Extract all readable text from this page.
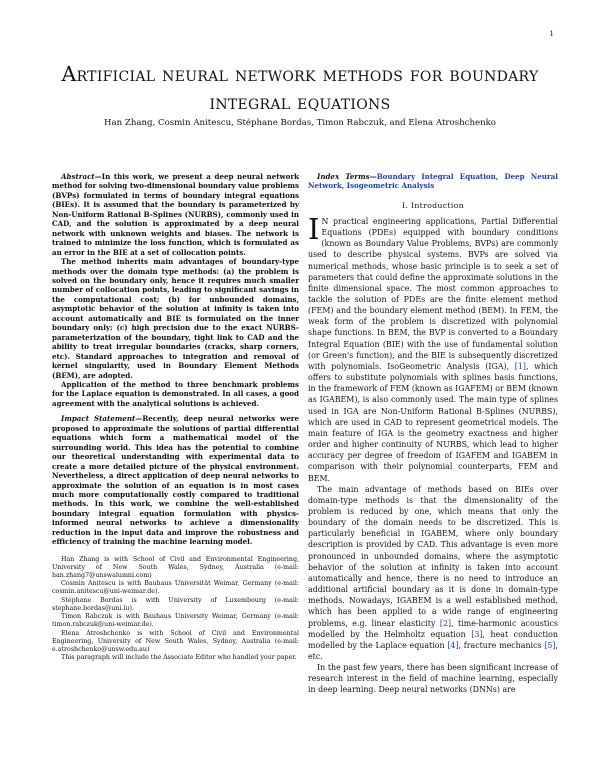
1
Artificial neural network methods for boundary integral equations
Han Zhang, Cosmin Anitescu, Stéphane Bordas, Timon Rabczuk, and Elena Atroshchenko

Abstract—In this work, we present a deep neural network method for solving two-dimensional boundary value problems (BVPs) formulated in terms of boundary integral equations (BIEs). It is assumed that the boundary is parameterized by Non-Uniform Rational B-Splines (NURBS), commonly used in CAD, and the solution is approximated by a deep neural network with unknown weights and biases. The network is trained to minimize the loss function, which is formulated as an error in the BIE at a set of collocation points.

The method inherits main advantages of boundary-type methods over the domain type methods: (a) the problem is solved on the boundary only, hence it requires much smaller number of collocation points, leading to significant savings in the computational cost; (b) for unbounded domains, asymptotic behavior of the solution at infinity is taken into account automatically and BIE is formulated on the inner boundary only; (c) high precision due to the exact NURBS-parameterization of the boundary, tight link to CAD and the ability to treat irregular boundaries (cracks, sharp corners, etc). Standard approaches to integration and removal of kernel singularity, used in Boundary Element Methods (BEM), are adopted.

Application of the method to three benchmark problems for the Laplace equation is demonstrated. In all cases, a good agreement with the analytical solutions is achieved.

Impact Statement—Recently, deep neural networks were proposed to approximate the solutions of partial differential equations which form a mathematical model of the surrounding world. This idea has the potential to combine our theoretical understanding with experimental data to create a more detailed picture of the physical environment. Nevertheless, a direct application of deep neural networks to approximate the solution of an equation is in most cases much more computationally costly compared to traditional methods. In this work, we combine the well-established boundary integral equation formulation with physics-informed neural networks to achieve a dimensionality reduction in the input data and improve the robustness and efficiency of training the machine learning model.

Han Zhang is with School of Civil and Environmental Engineering, University of New South Wales, Sydney, Australia (e-mail: han.zhang7@unswalumni.com)

Cosmin Anitescu is with Bauhaus Universität Weimar, Germany (e-mail: cosmin.anitescu@uni-weimar.de).

Stéphane Bordas is with University of Luxembourg (e-mail: stephane.bordas@uni.lu).

Timon Rabczuk is with Bauhaus University Weimar, Germany (e-mail: timon.rabczuk@uni-weimar.de).

Elena Atroshchenko is with School of Civil and Environmental Engineering, University of New South Wales, Sydney, Australia (e-mail: e.atroshchenko@unsw.edu.au)

This paragraph will include the Associate Editor who handled your paper.

Index Terms—Boundary Integral Equation, Deep Neural Network, Isogeometric Analysis

I. Introduction

I N practical engineering applications, Partial Differential Equations (PDEs) equipped with boundary conditions (known as Boundary Value Problems, BVPs) are commonly used to describe physical systems. BVPs are solved via numerical methods, whose basic principle is to seek a set of parameters that could define the approximate solutions in the finite dimensional space. The most common approaches to tackle the solution of PDEs are the finite element method (FEM) and the boundary element method (BEM). In FEM, the weak form of the problem is discretized with polynomial shape functions. In BEM, the BVP is converted to a Boundary Integral Equation (BIE) with the use of fundamental solution (or Green's function), and the BIE is subsequently discretized with polynomials. IsoGeometric Analysis (IGA), [1], which offers to substitute polynomials with splines basis functions, in the framework of FEM (known as IGAFEM) or BEM (known as IGABEM), is also commonly used. The main type of splines used in IGA are Non-Uniform Rational B-Splines (NURBS), which are used in CAD to represent geometrical models. The main feature of IGA is the geometry exactness and higher order and higher continuity of NURBS, which lead to higher accuracy per degree of freedom of IGAFEM and IGABEM in comparison with their polynomial counterparts, FEM and BEM.

The main advantage of methods based on BIEs over domain-type methods is that the dimensionality of the problem is reduced by one, which means that only the boundary of the domain needs to be discretized. This is particularly beneficial in IGABEM, where only boundary description is provided by CAD. This advantage is even more pronounced in unbounded domains, where the asymptotic behavior of the solution at infinity is taken into account automatically and hence, there is no need to introduce an additional artificial boundary as it is done in domain-type methods. Nowadays, IGABEM is a well established method, which has been applied to a wide range of engineering problems, e.g. linear elasticity [2], time-harmonic acoustics modelled by the Helmholtz equation [3], heat conduction modelled by the Laplace equation [4], fracture mechanics [5], etc.

In the past few years, there has been significant increase of research interest in the field of machine learning, especially in deep learning. Deep neural networks (DNNs) are
